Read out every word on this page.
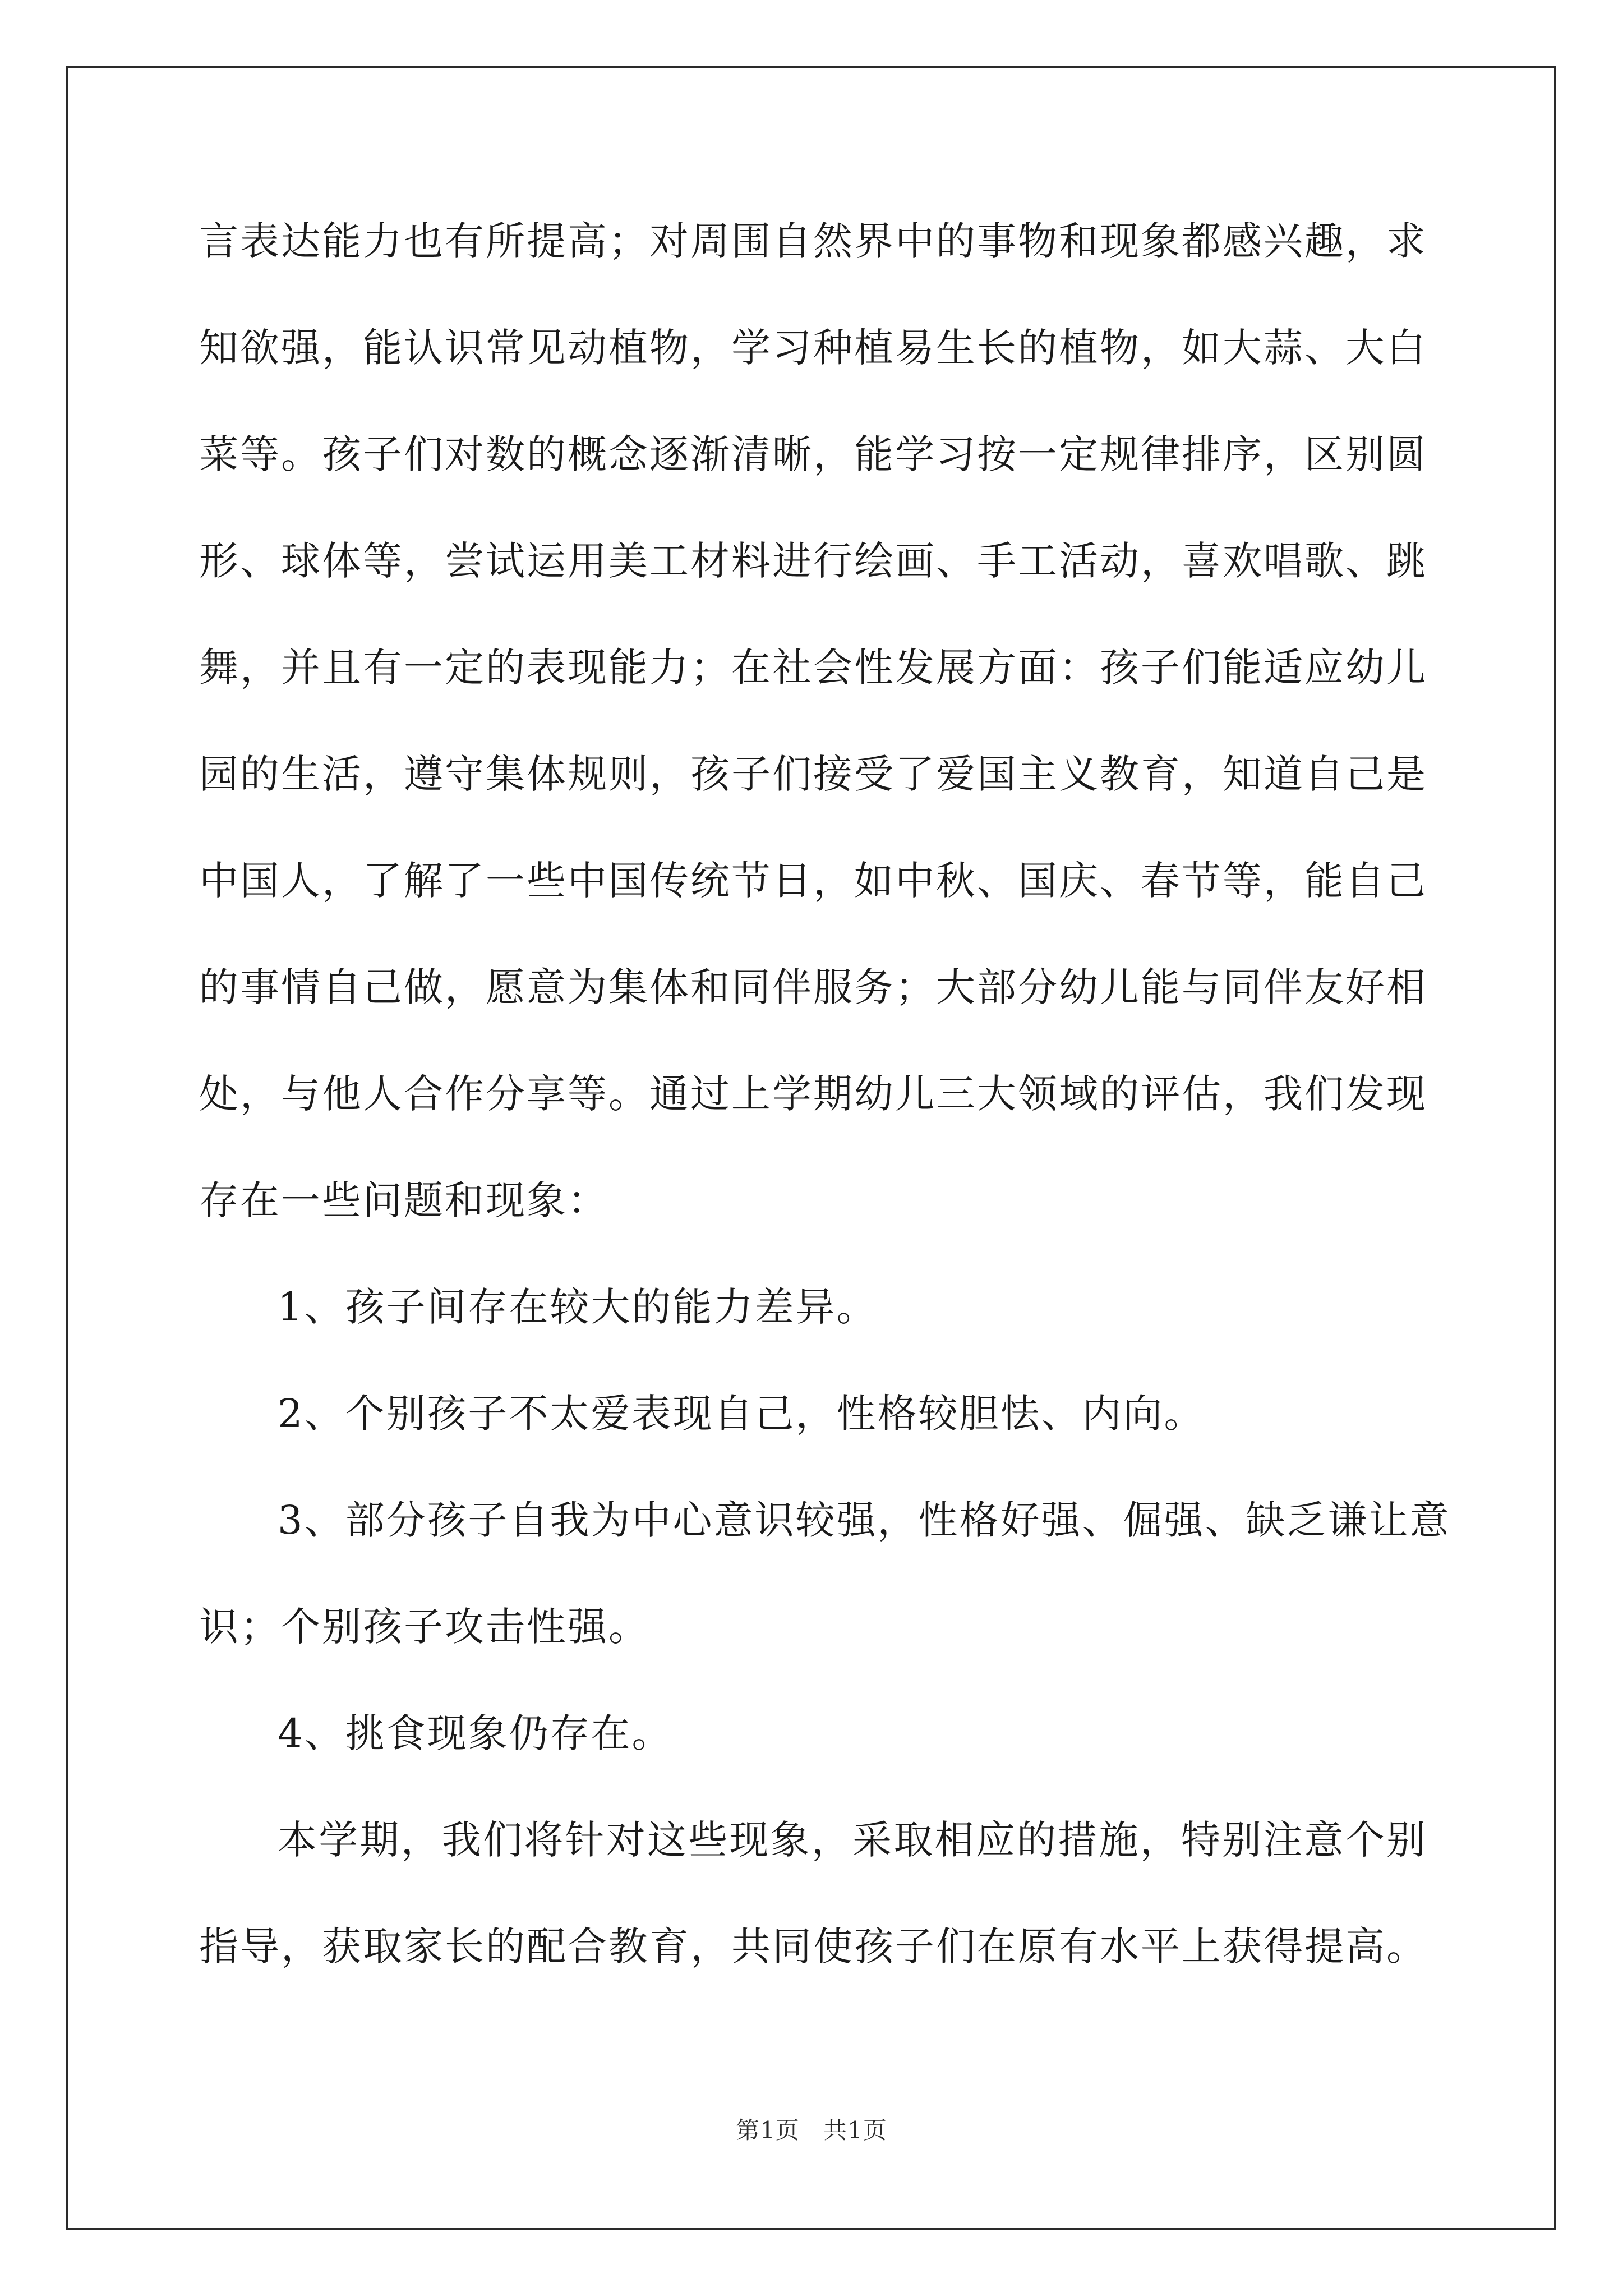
言表达能力也有所提高；对周围自然界中的事物和现象都感兴趣，求
知欲强，能认识常见动植物，学习种植易生长的植物，如大蒜、大白
菜等。孩子们对数的概念逐渐清晰，能学习按一定规律排序，区别圆
形、球体等，尝试运用美工材料进行绘画、手工活动，喜欢唱歌、跳
舞，并且有一定的表现能力；在社会性发展方面：孩子们能适应幼儿
园的生活，遵守集体规则，孩子们接受了爱国主义教育，知道自己是
中国人，了解了一些中国传统节日，如中秋、国庆、春节等，能自己
的事情自己做，愿意为集体和同伴服务；大部分幼儿能与同伴友好相
处，与他人合作分享等。通过上学期幼儿三大领域的评估，我们发现
存在一些问题和现象：

1、孩子间存在较大的能力差异。

2、个别孩子不太爱表现自己，性格较胆怯、内向。

3、部分孩子自我为中心意识较强，性格好强、倔强、缺乏谦让意
识；个别孩子攻击性强。

4、挑食现象仍存在。

本学期，我们将针对这些现象，采取相应的措施，特别注意个别
指导，获取家长的配合教育，共同使孩子们在原有水平上获得提高。

第1页 共1页
